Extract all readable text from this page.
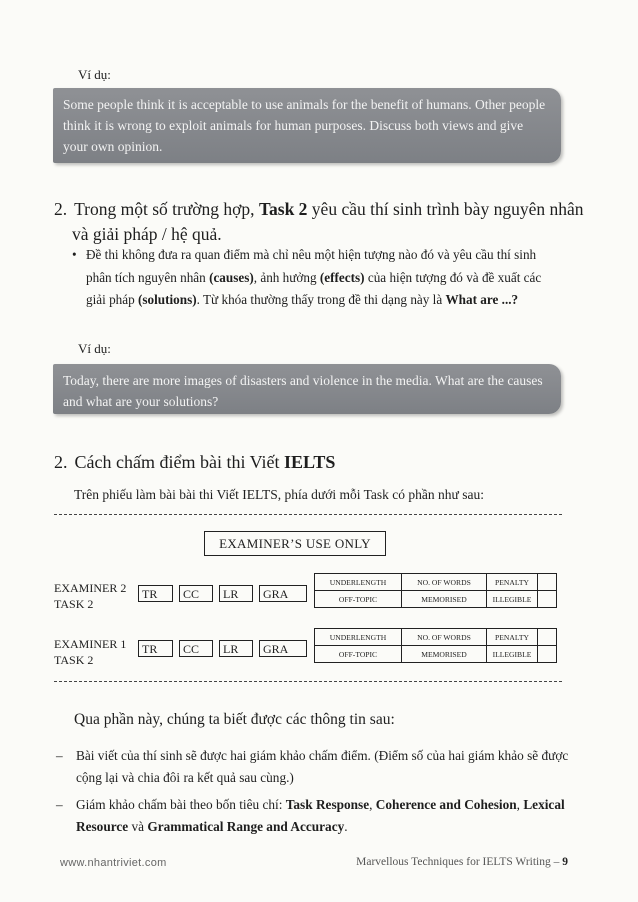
Ví dụ:
Some people think it is acceptable to use animals for the benefit of humans. Other people think it is wrong to exploit animals for human purposes. Discuss both views and give your own opinion.
2. Trong một số trường hợp, Task 2 yêu cầu thí sinh trình bày nguyên nhân
và giải pháp / hệ quả.
• Đề thi không đưa ra quan điểm mà chỉ nêu một hiện tượng nào đó và yêu cầu thí sinh phân tích nguyên nhân (causes), ảnh hưởng (effects) của hiện tượng đó và đề xuất các giải pháp (solutions). Từ khóa thường thấy trong đề thi dạng này là What are ...?
Ví dụ:
Today, there are more images of disasters and violence in the media. What are the causes and what are your solutions?
2. Cách chấm điểm bài thi Viết IELTS
Trên phiếu làm bài bài thi Viết IELTS, phía dưới mỗi Task có phần như sau:
EXAMINER’S USE ONLY
EXAMINER 2
TASK 2
TR	CC	LR	GRA
UNDERLENGTH	NO. OF WORDS	PENALTY	
OFF-TOPIC	MEMORISED	ILLEGIBLE	
EXAMINER 1
TASK 2
TR	CC	LR	GRA
UNDERLENGTH	NO. OF WORDS	PENALTY	
OFF-TOPIC	MEMORISED	ILLEGIBLE	
Qua phần này, chúng ta biết được các thông tin sau:
– Bài viết của thí sinh sẽ được hai giám khảo chấm điểm. (Điểm số của hai giám khảo sẽ được cộng lại và chia đôi ra kết quả sau cùng.)
– Giám khảo chấm bài theo bốn tiêu chí: Task Response, Coherence and Cohesion, Lexical Resource và Grammatical Range and Accuracy.
www.nhantriviet.com	Marvellous Techniques for IELTS Writing – 9
